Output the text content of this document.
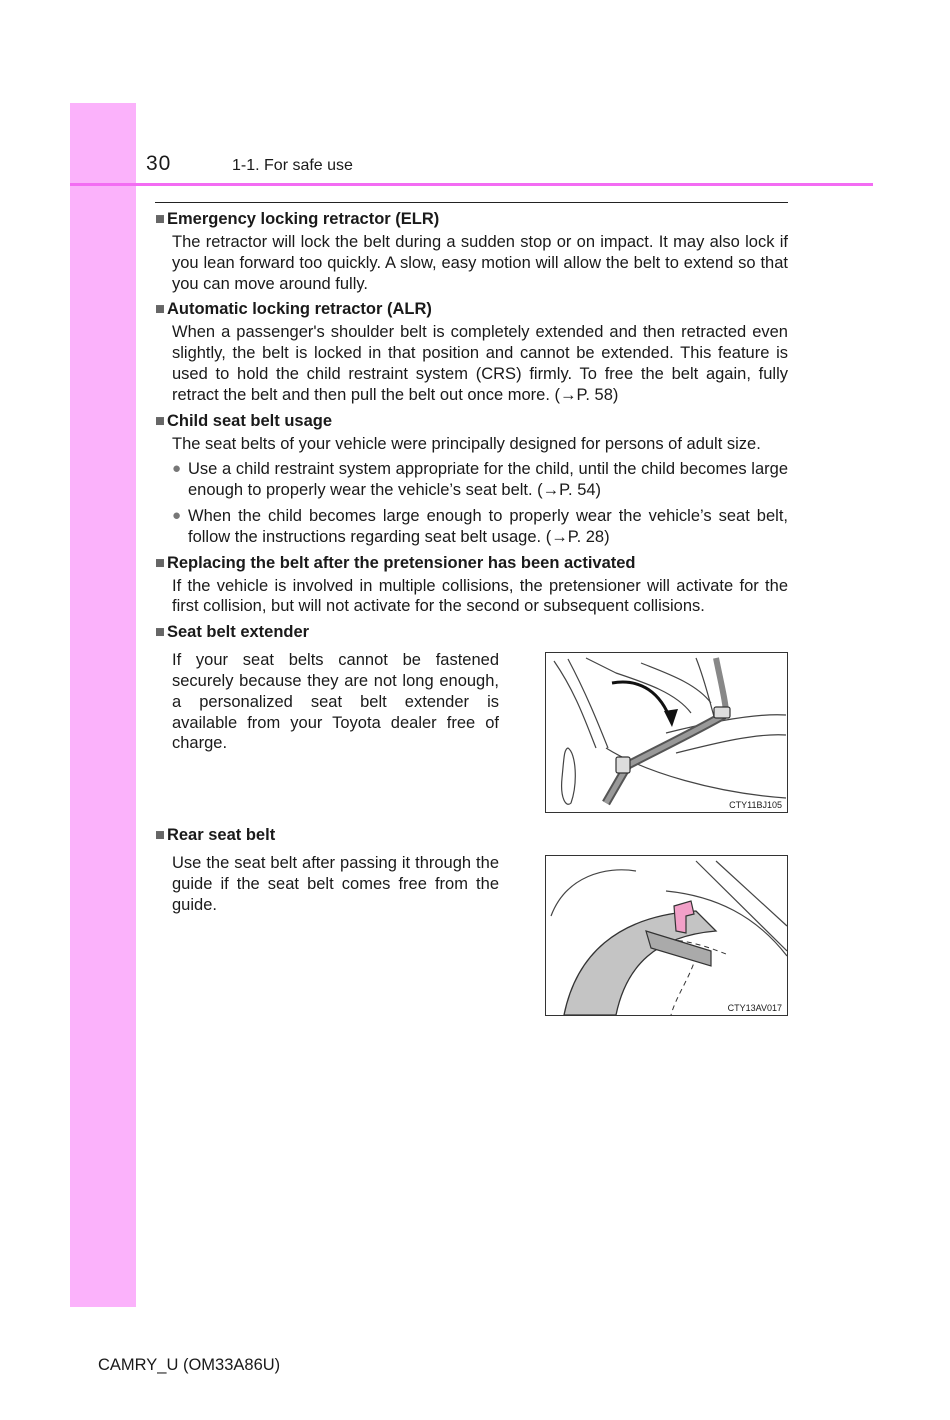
30	1-1. For safe use
■ Emergency locking retractor (ELR)
The retractor will lock the belt during a sudden stop or on impact. It may also lock if you lean forward too quickly. A slow, easy motion will allow the belt to extend so that you can move around fully.
■ Automatic locking retractor (ALR)
When a passenger's shoulder belt is completely extended and then retracted even slightly, the belt is locked in that position and cannot be extended. This feature is used to hold the child restraint system (CRS) firmly. To free the belt again, fully retract the belt and then pull the belt out once more. (→P. 58)
■ Child seat belt usage
The seat belts of your vehicle were principally designed for persons of adult size.
● Use a child restraint system appropriate for the child, until the child becomes large enough to properly wear the vehicle’s seat belt. (→P. 54)
● When the child becomes large enough to properly wear the vehicle’s seat belt, follow the instructions regarding seat belt usage. (→P. 28)
■ Replacing the belt after the pretensioner has been activated
If the vehicle is involved in multiple collisions, the pretensioner will activate for the first collision, but will not activate for the second or subsequent collisions.
■ Seat belt extender
If your seat belts cannot be fastened securely because they are not long enough, a personalized seat belt extender is available from your Toyota dealer free of charge.
CTY11BJ105
■ Rear seat belt
Use the seat belt after passing it through the guide if the seat belt comes free from the guide.
CTY13AV017
CAMRY_U (OM33A86U)
